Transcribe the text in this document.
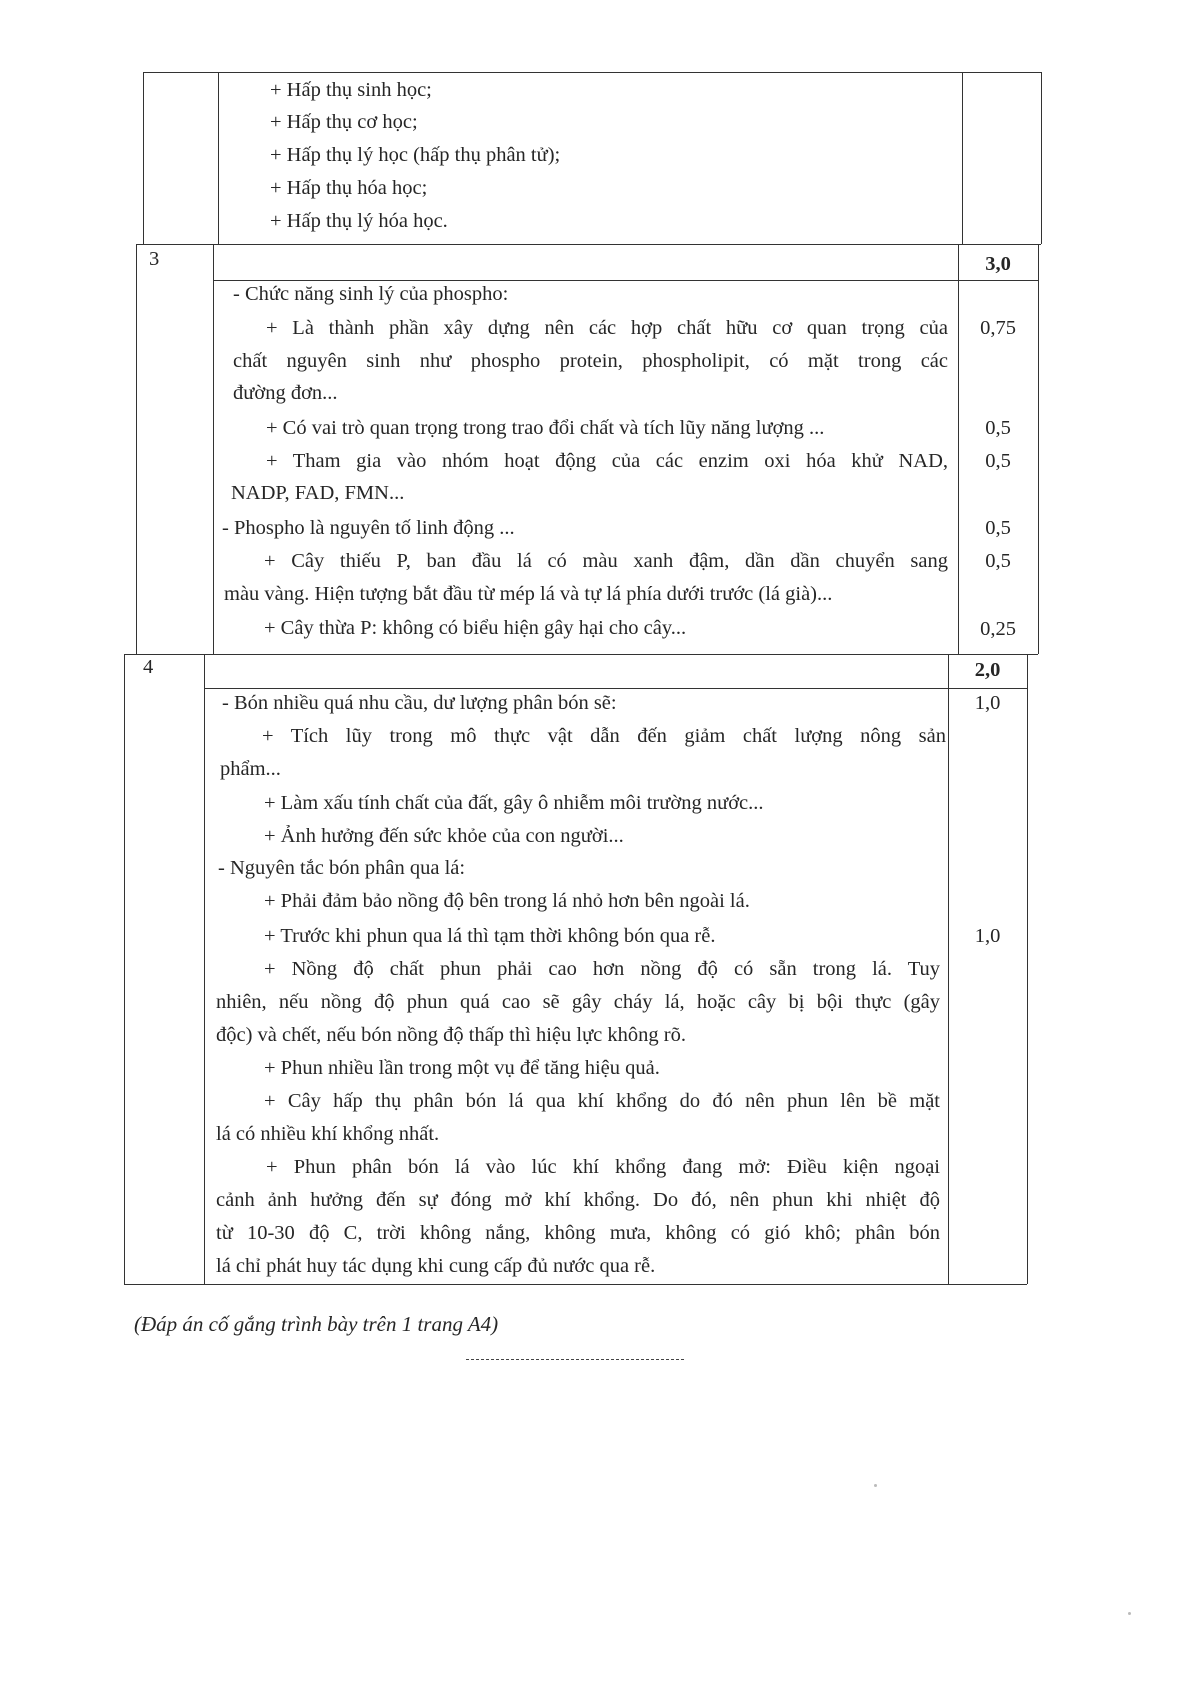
+ Hấp thụ sinh học;
+ Hấp thụ cơ học;
+ Hấp thụ lý học (hấp thụ phân tử);
+ Hấp thụ hóa học;
+ Hấp thụ lý hóa học.
3	3,0
- Chức năng sinh lý của phospho:
+ Là thành phần xây dựng nên các hợp chất hữu cơ quan trọng của
chất nguyên sinh như phospho protein, phospholipit, có mặt trong các
đường đơn...
+ Có vai trò quan trọng trong trao đổi chất và tích lũy năng lượng ...
+ Tham gia vào nhóm hoạt động của các enzim oxi hóa khử NAD,
NADP, FAD, FMN...
- Phospho là nguyên tố linh động ...
+ Cây thiếu P, ban đầu lá có màu xanh đậm, dần dần chuyển sang
màu vàng. Hiện tượng bắt đầu từ mép lá và tự lá phía dưới trước (lá già)...
+ Cây thừa P: không có biểu hiện gây hại cho cây...
0,75
0,5
0,5
0,5
0,5
0,25
4	2,0
- Bón nhiều quá nhu cầu, dư lượng phân bón sẽ:
+ Tích lũy trong mô thực vật dẫn đến giảm chất lượng nông sản
phẩm...
+ Làm xấu tính chất của đất, gây ô nhiễm môi trường nước...
+ Ảnh hưởng đến sức khỏe của con người...
- Nguyên tắc bón phân qua lá:
+ Phải đảm bảo nồng độ bên trong lá nhỏ hơn bên ngoài lá.
+ Trước khi phun qua lá thì tạm thời không bón qua rễ.
+ Nồng độ chất phun phải cao hơn nồng độ có sẵn trong lá. Tuy
nhiên, nếu nồng độ phun quá cao sẽ gây cháy lá, hoặc cây bị bội thực (gây
độc) và chết, nếu bón nồng độ thấp thì hiệu lực không rõ.
+ Phun nhiều lần trong một vụ để tăng hiệu quả.
+ Cây hấp thụ phân bón lá qua khí khổng do đó nên phun lên bề mặt
lá có nhiều khí khổng nhất.
+ Phun phân bón lá vào lúc khí khổng đang mở: Điều kiện ngoại
cảnh ảnh hưởng đến sự đóng mở khí khổng. Do đó, nên phun khi nhiệt độ
từ 10-30 độ C, trời không nắng, không mưa, không có gió khô; phân bón
lá chỉ phát huy tác dụng khi cung cấp đủ nước qua rễ.
1,0
1,0
(Đáp án cố gắng trình bày trên 1 trang A4)
